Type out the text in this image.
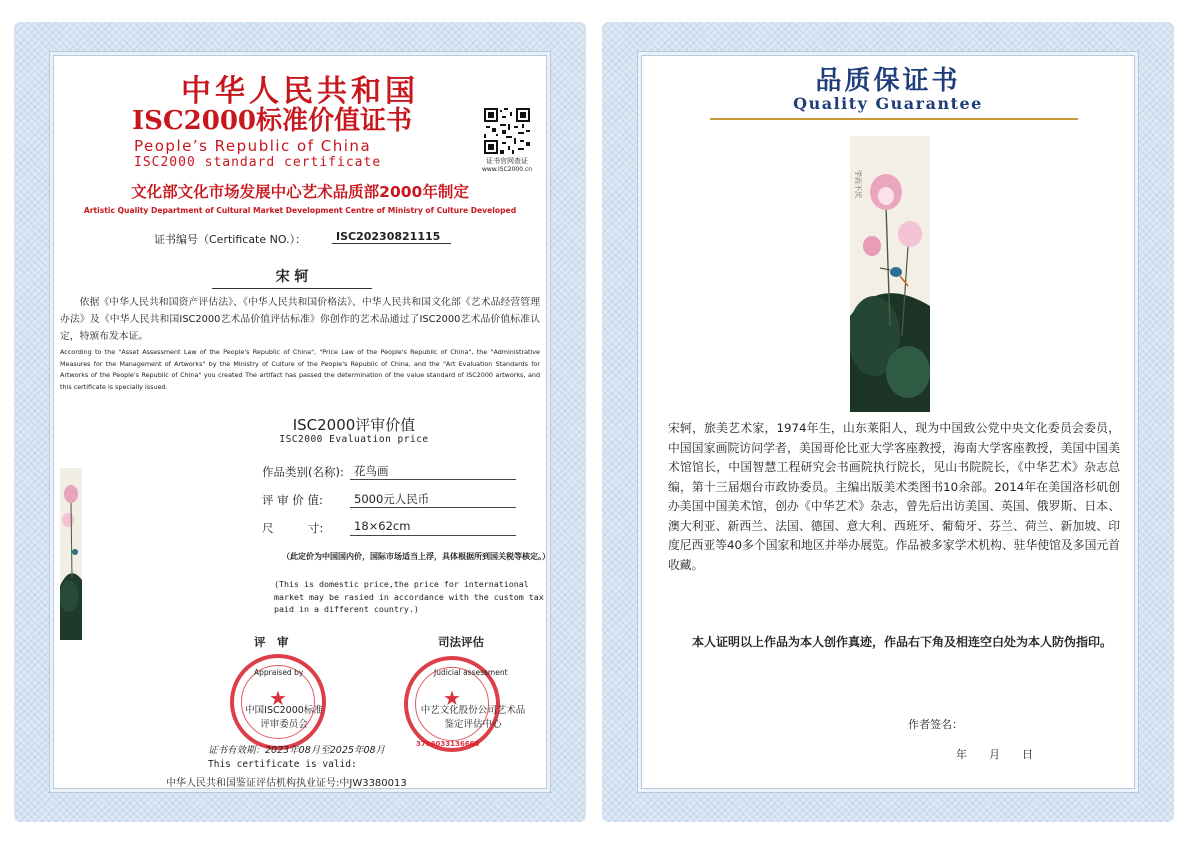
中华人民共和国
ISC2000标准价值证书
People’s Republic of China
ISC2000 standard certificate	证书官网查证
www.ISC2000.cn
文化部文化市场发展中心艺术品质部2000年制定
Artistic Quality Department of Cultural Market Development Centre of Ministry of Culture Developed
证书编号（Certificate NO.）：	ISC20230821115
宋 轲
依据《中华人民共和国资产评估法》、《中华人民共和国价格法》、中华人民共和国文化部《艺术品经营管理办法》及《中华人民共和国ISC2000艺术品价值评估标准》你创作的艺术品通过了ISC2000艺术品价值标准认定，特颁布发本证。
According to the "Asset Assessment Law of the People's Republic of China", "Price Law of the People's Republic of China", the "Administrative Measures for the Management of Artworks" by the Ministry of Culture of the People's Republic of China, and the "Art Evaluation Standards for Artworks of the People's Republic of China" you created The artifact has passed the determination of the value standard of ISC2000 artworks, and this certificate is specially issued.
ISC2000评审价值
ISC2000 Evaluation price
作品类别(名称): 花鸟画
评 审 价 值:	5000元人民币
尺　　　寸:	18×62cm
（此定价为中国国内价，国际市场适当上浮，具体根据所到国关税等核定。）
(This is domestic price,the price for international market may be rasied in accordance with the custom tax paid in a different country.)
评　审	司法评估
★
Appraised by
中国ISC2000标准
评审委员会
★
Judicial assessment
中艺文化股份公司艺术品
鉴定评估中心
3706033136660
证书有效期：2023年08月至2025年08月
This certificate is valid:
中华人民共和国鉴证评估机构执业证号:中JW3380013
品质保证书
Quality Guarantee
学而不厌
宋轲，旅美艺术家，1974年生，山东莱阳人，现为中国致公党中央文化委员会委员，中国国家画院访问学者，美国哥伦比亚大学客座教授，海南大学客座教授，美国中国美术馆馆长，中国智慧工程研究会书画院执行院长，见山书院院长，《中华艺术》杂志总编，第十三届烟台市政协委员。主编出版美术类图书10余部。2014年在美国洛杉矶创办美国中国美术馆，创办《中华艺术》杂志，曾先后出访美国、英国、俄罗斯、日本、澳大利亚、新西兰、法国、德国、意大利、西班牙、葡萄牙、芬兰、荷兰、新加坡、印度尼西亚等40多个国家和地区并举办展览。作品被多家学术机构、驻华使馆及多国元首收藏。
本人证明以上作品为本人创作真迹，作品右下角及相连空白处为本人防伪指印。
作者签名：
年　　月　　日
